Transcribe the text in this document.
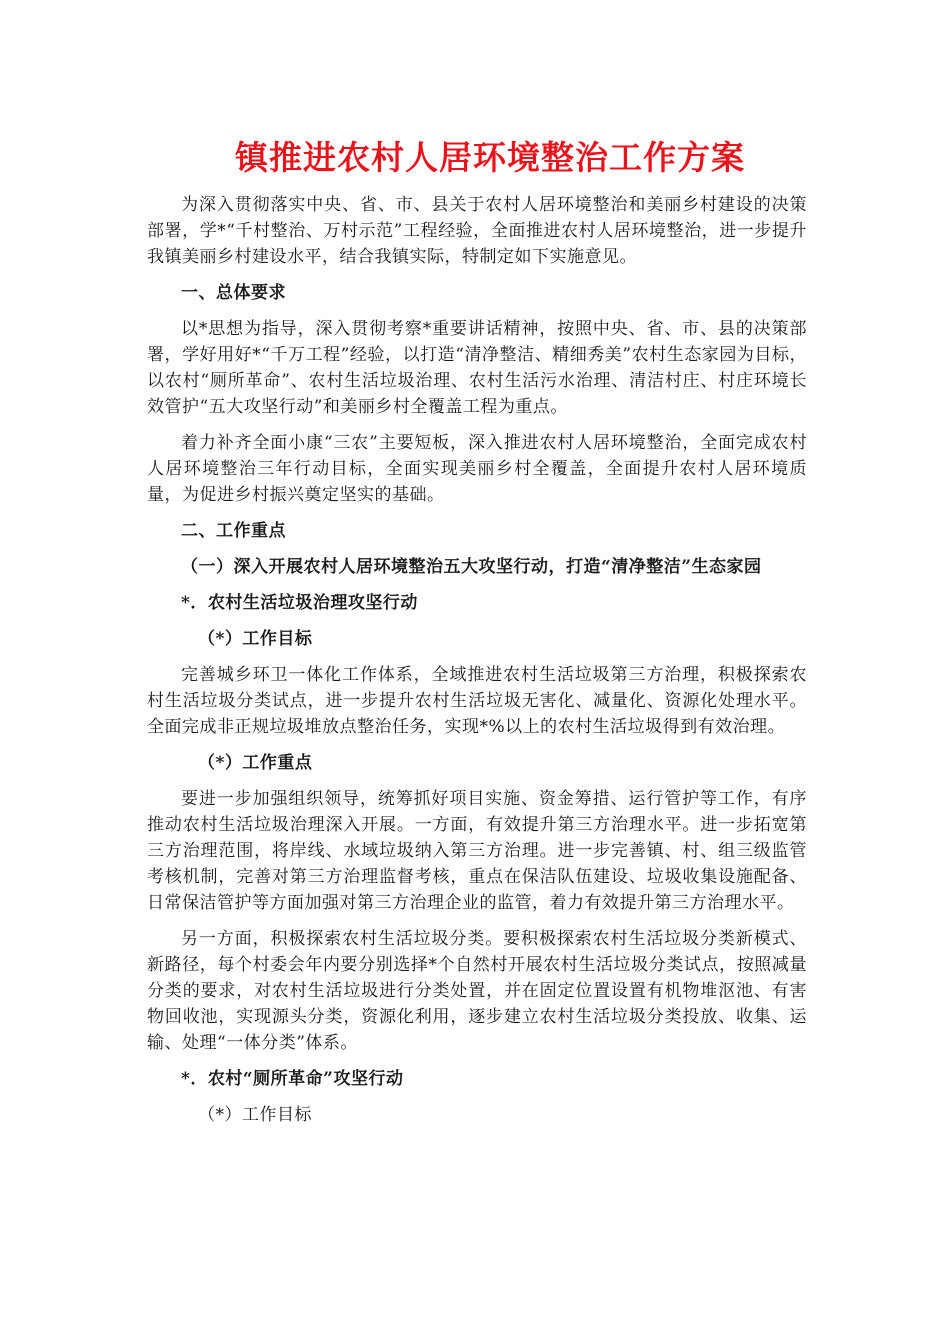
镇推进农村人居环境整治工作方案

为深入贯彻落实中央、省、市、县关于农村人居环境整治和美丽乡村建设的决策部署，学*“千村整治、万村示范”工程经验，全面推进农村人居环境整治，进一步提升我镇美丽乡村建设水平，结合我镇实际，特制定如下实施意见。

一、总体要求

以*思想为指导，深入贯彻考察*重要讲话精神，按照中央、省、市、县的决策部署，学好用好*“千万工程”经验，以打造“清净整洁、精细秀美”农村生态家园为目标，以农村“厕所革命”、农村生活垃圾治理、农村生活污水治理、清洁村庄、村庄环境长效管护“五大攻坚行动”和美丽乡村全覆盖工程为重点。

着力补齐全面小康“三农”主要短板，深入推进农村人居环境整治，全面完成农村人居环境整治三年行动目标，全面实现美丽乡村全覆盖，全面提升农村人居环境质量，为促进乡村振兴奠定坚实的基础。

二、工作重点

（一）深入开展农村人居环境整治五大攻坚行动，打造“清净整洁”生态家园

*．农村生活垃圾治理攻坚行动

（*）工作目标

完善城乡环卫一体化工作体系，全域推进农村生活垃圾第三方治理，积极探索农村生活垃圾分类试点，进一步提升农村生活垃圾无害化、减量化、资源化处理水平。全面完成非正规垃圾堆放点整治任务，实现*%以上的农村生活垃圾得到有效治理。

（*）工作重点

要进一步加强组织领导，统筹抓好项目实施、资金筹措、运行管护等工作，有序推动农村生活垃圾治理深入开展。一方面，有效提升第三方治理水平。进一步拓宽第三方治理范围，将岸线、水域垃圾纳入第三方治理。进一步完善镇、村、组三级监管考核机制，完善对第三方治理监督考核，重点在保洁队伍建设、垃圾收集设施配备、日常保洁管护等方面加强对第三方治理企业的监管，着力有效提升第三方治理水平。

另一方面，积极探索农村生活垃圾分类。要积极探索农村生活垃圾分类新模式、新路径，每个村委会年内要分别选择*个自然村开展农村生活垃圾分类试点，按照减量分类的要求，对农村生活垃圾进行分类处置，并在固定位置设置有机物堆沤池、有害物回收池，实现源头分类，资源化利用，逐步建立农村生活垃圾分类投放、收集、运输、处理“一体分类”体系。

*．农村“厕所革命”攻坚行动

（*）工作目标
